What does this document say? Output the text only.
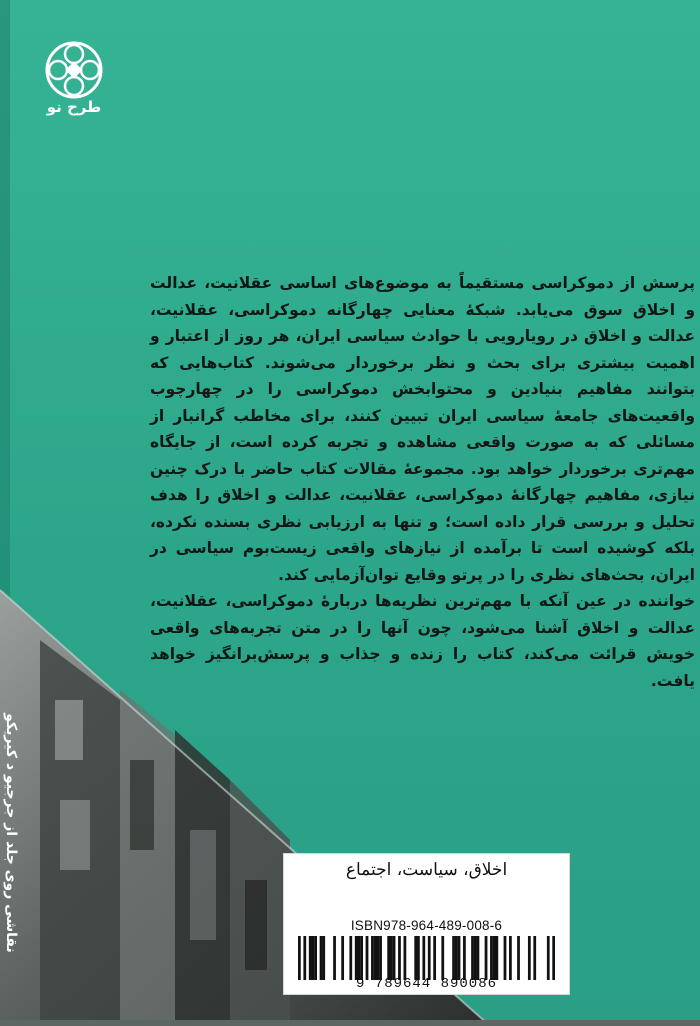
طرح نو

پرسش از دموکراسی مستقیماً به موضوع‌های اساسی عقلانیت، عدالت و اخلاق سوق می‌یابد. شبکهٔ معنایی چهارگانه دموکراسی، عقلانیت، عدالت و اخلاق در رویارویی با حوادث سیاسی ایران، هر روز از اعتبار و اهمیت بیشتری برای بحث و نظر برخوردار می‌شوند. کتاب‌هایی که بتوانند مفاهیم بنیادین و محتوابخش دموکراسی را در چهارچوب واقعیت‌های جامعهٔ سیاسی ایران تبیین کنند، برای مخاطب گرانبار از مسائلی که به صورت واقعی مشاهده و تجربه کرده است، از جایگاه مهم‌تری برخوردار خواهد بود. مجموعهٔ مقالات کتاب حاضر با درک چنین نیازی، مفاهیم چهارگانهٔ دموکراسی، عقلانیت، عدالت و اخلاق را هدف تحلیل و بررسی قرار داده است؛ و تنها به ارزیابی نظری بسنده نکرده، بلکه کوشیده است تا برآمده از نیازهای واقعی زیست‌بوم سیاسی در ایران، بحث‌های نظری را در پرتو وقایع توان‌آزمایی کند.

خواننده در عین آنکه با مهم‌ترین نظریه‌ها دربارهٔ دموکراسی، عقلانیت، عدالت و اخلاق آشنا می‌شود، چون آنها را در متن تجربه‌های واقعی خویش قرائت می‌کند، کتاب را زنده و جذاب و پرسش‌برانگیز خواهد یافت.

نقاشی روی جلد از جرجیو د کیریکو	اخلاق، سیاست، اجتماع
ISBN978-964-489-008-6
9 789644 890086
